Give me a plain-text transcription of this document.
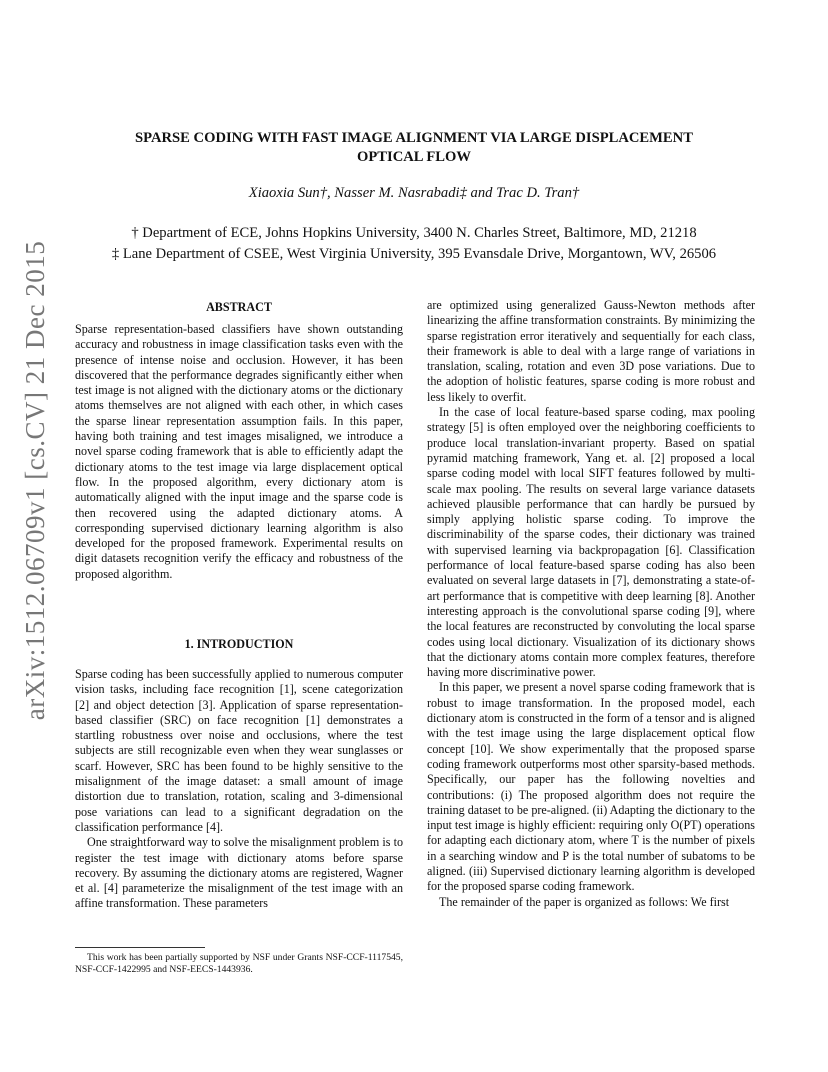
arXiv:1512.06709v1 [cs.CV] 21 Dec 2015
SPARSE CODING WITH FAST IMAGE ALIGNMENT VIA LARGE DISPLACEMENT
OPTICAL FLOW
Xiaoxia Sun†, Nasser M. Nasrabadi‡ and Trac D. Tran†
† Department of ECE, Johns Hopkins University, 3400 N. Charles Street, Baltimore, MD, 21218
‡ Lane Department of CSEE, West Virginia University, 395 Evansdale Drive, Morgantown, WV, 26506
ABSTRACT

Sparse representation-based classifiers have shown outstanding accuracy and robustness in image classification tasks even with the presence of intense noise and occlusion. However, it has been discovered that the performance degrades significantly either when test image is not aligned with the dictionary atoms or the dictionary atoms themselves are not aligned with each other, in which cases the sparse linear representation assumption fails. In this paper, having both training and test images misaligned, we introduce a novel sparse coding framework that is able to efficiently adapt the dictionary atoms to the test image via large displacement optical flow. In the proposed algorithm, every dictionary atom is automatically aligned with the input image and the sparse code is then recovered using the adapted dictionary atoms. A corresponding supervised dictionary learning algorithm is also developed for the proposed framework. Experimental results on digit datasets recognition verify the efficacy and robustness of the proposed algorithm.

1. INTRODUCTION

Sparse coding has been successfully applied to numerous computer vision tasks, including face recognition [1], scene categorization [2] and object detection [3]. Application of sparse representation-based classifier (SRC) on face recognition [1] demonstrates a startling robustness over noise and occlusions, where the test subjects are still recognizable even when they wear sunglasses or scarf. However, SRC has been found to be highly sensitive to the misalignment of the image dataset: a small amount of image distortion due to translation, rotation, scaling and 3-dimensional pose variations can lead to a significant degradation on the classification performance [4].

One straightforward way to solve the misalignment problem is to register the test image with dictionary atoms before sparse recovery. By assuming the dictionary atoms are registered, Wagner et al. [4] parameterize the misalignment of the test image with an affine transformation. These parameters

This work has been partially supported by NSF under Grants NSF-CCF-1117545, NSF-CCF-1422995 and NSF-EECS-1443936.

are optimized using generalized Gauss-Newton methods after linearizing the affine transformation constraints. By minimizing the sparse registration error iteratively and sequentially for each class, their framework is able to deal with a large range of variations in translation, scaling, rotation and even 3D pose variations. Due to the adoption of holistic features, sparse coding is more robust and less likely to overfit.

In the case of local feature-based sparse coding, max pooling strategy [5] is often employed over the neighboring coefficients to produce local translation-invariant property. Based on spatial pyramid matching framework, Yang et. al. [2] proposed a local sparse coding model with local SIFT features followed by multi-scale max pooling. The results on several large variance datasets achieved plausible performance that can hardly be pursued by simply applying holistic sparse coding. To improve the discriminability of the sparse codes, their dictionary was trained with supervised learning via backpropagation [6]. Classification performance of local feature-based sparse coding has also been evaluated on several large datasets in [7], demonstrating a state-of-art performance that is competitive with deep learning [8]. Another interesting approach is the convolutional sparse coding [9], where the local features are reconstructed by convoluting the local sparse codes using local dictionary. Visualization of its dictionary shows that the dictionary atoms contain more complex features, therefore having more discriminative power.

In this paper, we present a novel sparse coding framework that is robust to image transformation. In the proposed model, each dictionary atom is constructed in the form of a tensor and is aligned with the test image using the large displacement optical flow concept [10]. We show experimentally that the proposed sparse coding framework outperforms most other sparsity-based methods. Specifically, our paper has the following novelties and contributions: (i) The proposed algorithm does not require the training dataset to be pre-aligned. (ii) Adapting the dictionary to the input test image is highly efficient: requiring only O(PT) operations for adapting each dictionary atom, where T is the number of pixels in a searching window and P is the total number of subatoms to be aligned. (iii) Supervised dictionary learning algorithm is developed for the proposed sparse coding framework.

The remainder of the paper is organized as follows: We first
